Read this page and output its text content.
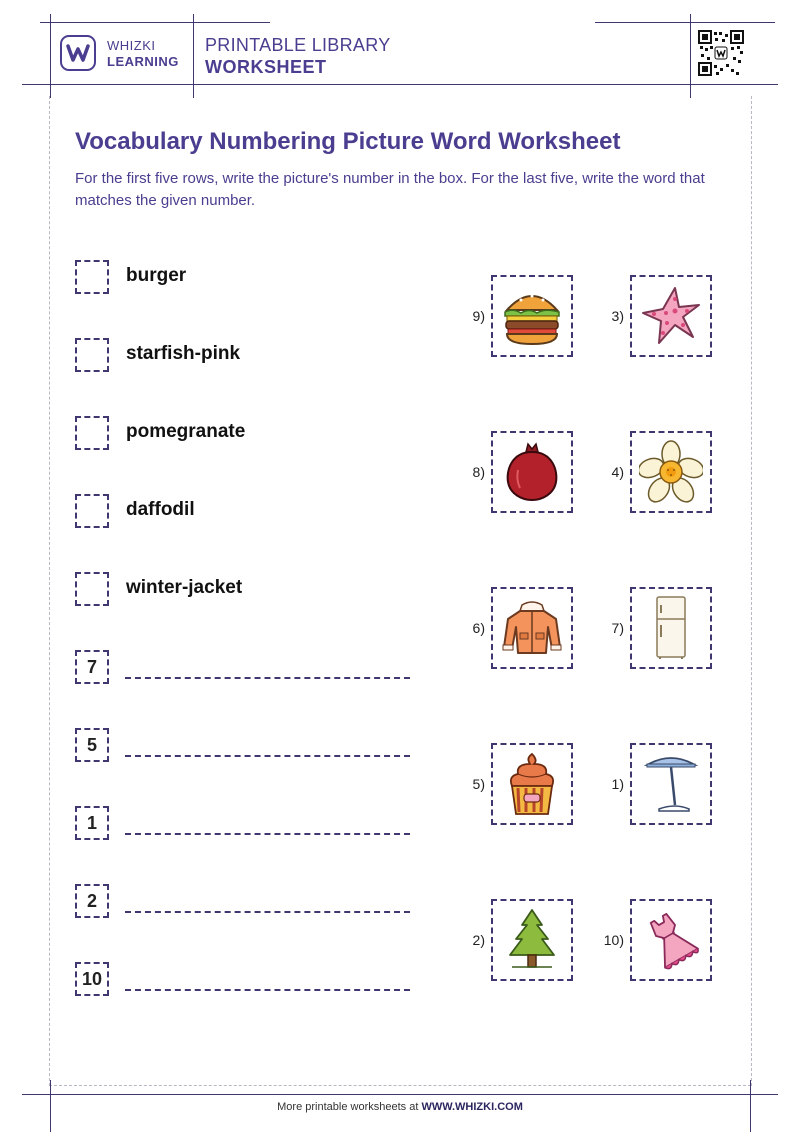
WHIZKI
LEARNING
PRINTABLE LIBRARY
WORKSHEET
Vocabulary Numbering Picture Word Worksheet
For the first five rows, write the picture's number in the box. For the last five, write the word that matches the given number.
burger
starfish-pink
pomegranate
daffodil
winter-jacket
7
5
1
2
10
9)	3)
8)	4)
6)	7)
5)	1)
2)	10)
More printable worksheets at WWW.WHIZKI.COM
